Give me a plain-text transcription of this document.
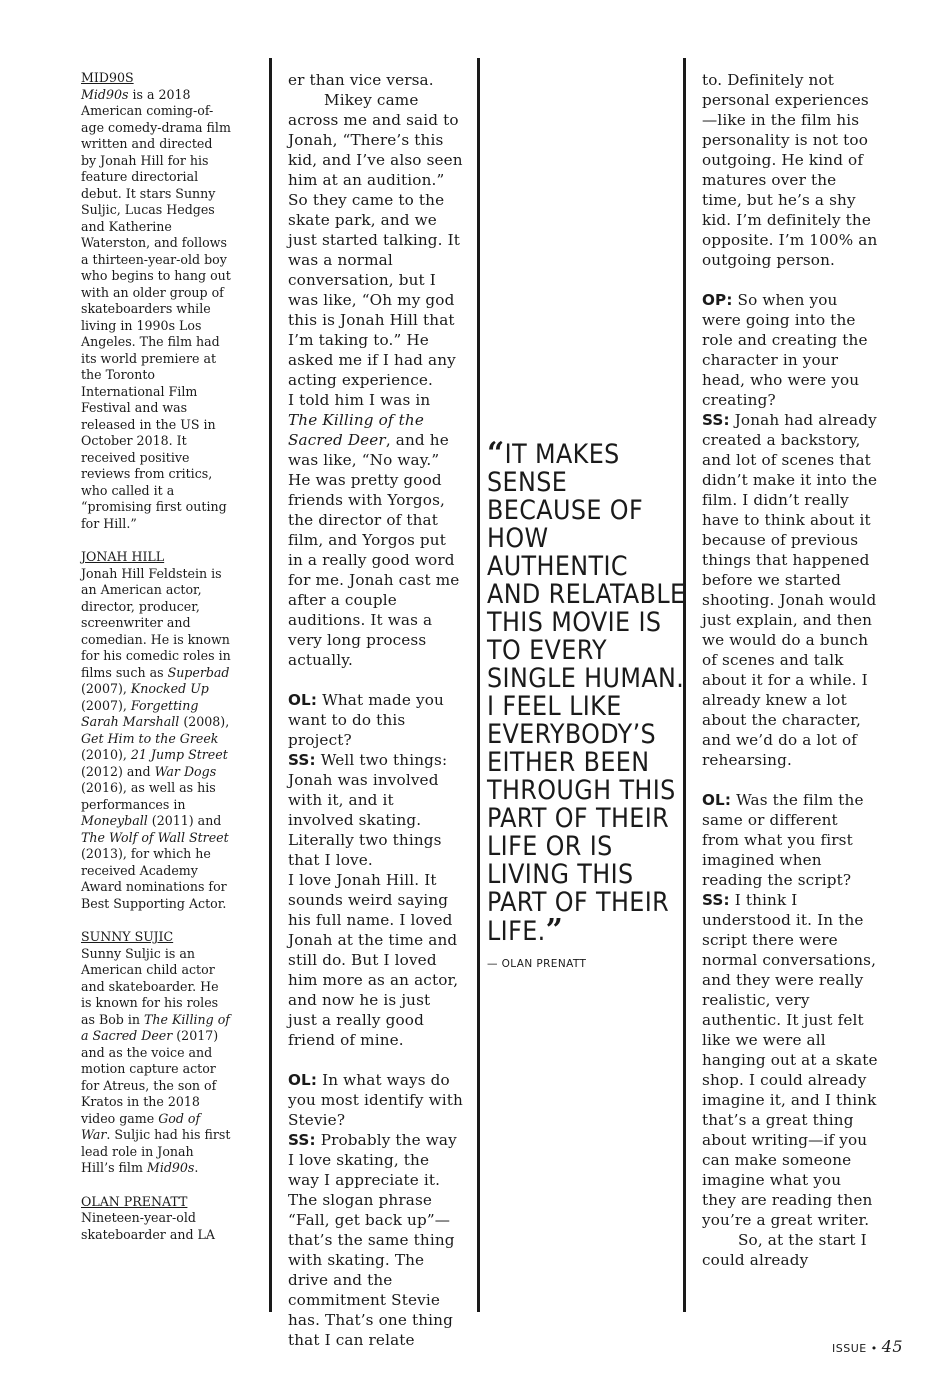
MID90S
Mid90s is a 2018 American coming-of-age comedy-drama film written and directed by Jonah Hill for his feature directorial debut. It stars Sunny Suljic, Lucas Hedges and Katherine Waterston, and follows a thirteen-year-old boy who begins to hang out with an older group of skateboarders while living in 1990s Los Angeles. The film had its world premiere at the Toronto International Film Festival and was released in the US in October 2018. It received positive reviews from critics, who called it a “promising first outing for Hill.”
JONAH HILL
Jonah Hill Feldstein is an American actor, director, producer, screenwriter and comedian. He is known for his comedic roles in films such as Superbad (2007), Knocked Up (2007), Forgetting Sarah Marshall (2008), Get Him to the Greek (2010), 21 Jump Street (2012) and War Dogs (2016), as well as his performances in Moneyball (2011) and The Wolf of Wall Street (2013), for which he received Academy Award nominations for Best Supporting Actor.
SUNNY SUJIC
Sunny Suljic is an American child actor and skateboarder. He is known for his roles as Bob in The Killing of a Sacred Deer (2017) and as the voice and motion capture actor for Atreus, the son of Kratos in the 2018 video game God of War. Suljic had his first lead role in Jonah Hill’s film Mid90s.
OLAN PRENATT
Nineteen-year-old skateboarder and LA

er than vice versa.

Mikey came across me and said to Jonah, “There’s this kid, and I’ve also seen him at an audition.” So they came to the skate park, and we just started talking. It was a normal conversation, but I was like, “Oh my god this is Jonah Hill that I’m taking to.” He asked me if I had any acting experience.

I told him I was in The Killing of the Sacred Deer, and he was like, “No way.” He was pretty good friends with Yorgos, the director of that film, and Yorgos put in a really good word for me. Jonah cast me after a couple auditions. It was a very long process actually.

OL: What made you want to do this project?

SS: Well two things: Jonah was involved with it, and it involved skating. Literally two things that I love.

I love Jonah Hill. It sounds weird saying his full name. I loved Jonah at the time and still do. But I loved him more as an actor, and now he is just just a really good friend of mine.

OL: In what ways do you most identify with Stevie?

SS: Probably the way I love skating, the way I appreciate it. The slogan phrase “Fall, get back up”— that’s the same thing with skating. The drive and the commitment Stevie has. That’s one thing that I can relate

“IT MAKES SENSE BECAUSE OF HOW AUTHENTIC AND RELATABLE THIS MOVIE IS TO EVERY SINGLE HUMAN. I FEEL LIKE EVERYBODY’S EITHER BEEN THROUGH THIS PART OF THEIR LIFE OR IS LIVING THIS PART OF THEIR LIFE.”
— OLAN PRENATT

to. Definitely not personal experiences—like in the film his personality is not too outgoing. He kind of matures over the time, but he’s a shy kid. I’m definitely the opposite. I’m 100% an outgoing person.

OP: So when you were going into the role and creating the character in your head, who were you creating?

SS: Jonah had already created a backstory, and lot of scenes that didn’t make it into the film. I didn’t really have to think about it because of previous things that happened before we started shooting. Jonah would just explain, and then we would do a bunch of scenes and talk about it for a while. I already knew a lot about the character, and we’d do a lot of rehearsing.

OL: Was the film the same or different from what you first imagined when reading the script?

SS: I think I understood it. In the script there were normal conversations, and they were really realistic, very authentic. It just felt like we were all hanging out at a skate shop. I could already imagine it, and I think that’s a great thing about writing—if you can make someone imagine what you they are reading then you’re a great writer.

So, at the start I could already

ISSUE • 45
